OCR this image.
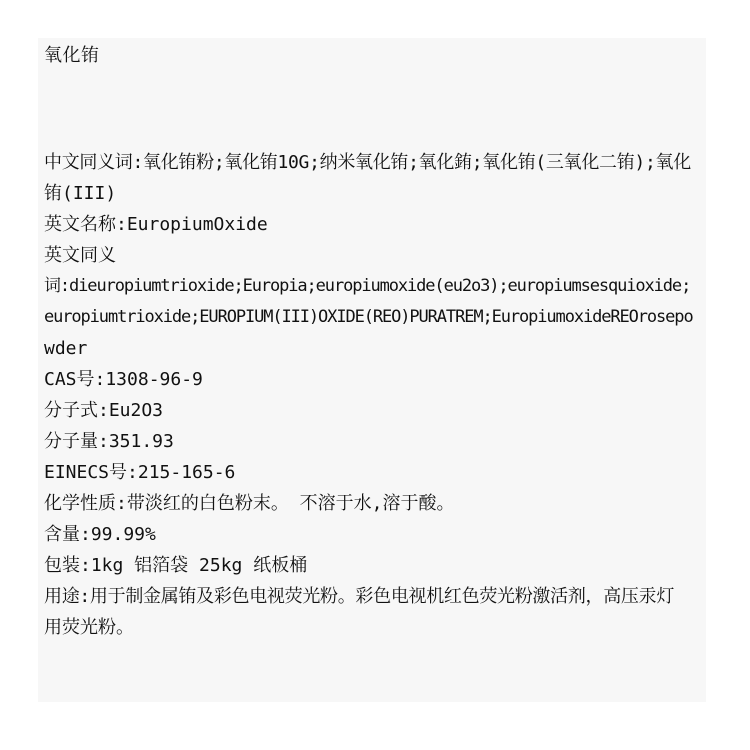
氧化铕
中文同义词:氧化铕粉;氧化铕10G;纳米氧化铕;氧化銪;氧化铕(三氧化二铕);氧化
铕(III)
英文名称:EuropiumOxide
英文同义
词:dieuropiumtrioxide;Europia;europiumoxide(eu2o3);europiumsesquioxide;
europiumtrioxide;EUROPIUM(III)OXIDE(REO)PURATREM;EuropiumoxideREOrosepo
wder
CAS号:1308-96-9
分子式:Eu2O3
分子量:351.93
EINECS号:215-165-6
化学性质:带淡红的白色粉末。 不溶于水,溶于酸。
含量:99.99%
包装:1kg 铝箔袋 25kg 纸板桶
用途:用于制金属铕及彩色电视荧光粉。彩色电视机红色荧光粉激活剂，高压汞灯
用荧光粉。
